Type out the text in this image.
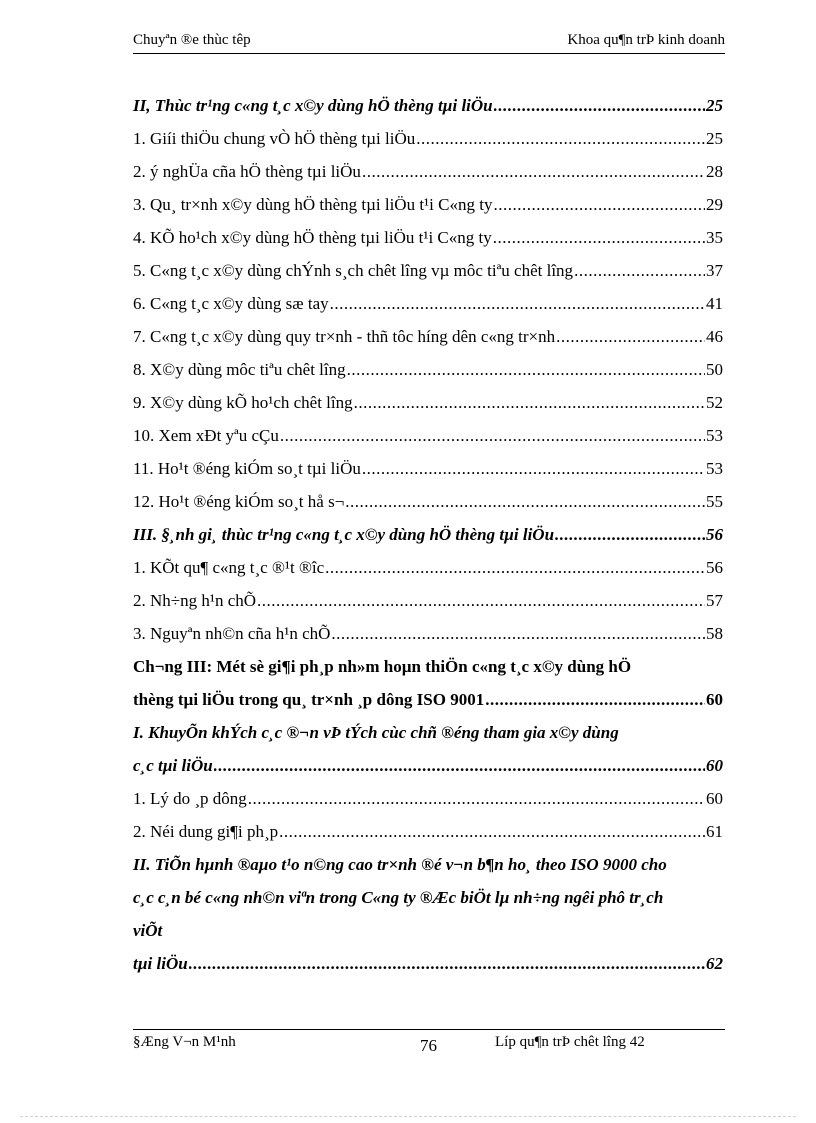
Chuyªn ®e thùc têp	Khoa qu¶n trÞ kinh doanh
II, Thùc tr¹ng c«ng t¸c x©y dùng hÖ thèng tµi liÖu .....	25
1. Giíi thiÖu chung vÒ hÖ thèng tµi liÖu .....	25
2. ý nghÜa cña hÖ thèng tµi liÖu .....	28
3. Qu¸ tr×nh x©y dùng hÖ thèng tµi liÖu t¹i C«ng ty .....	29
4. KÕ ho¹ch x©y dùng hÖ thèng tµi liÖu t¹i C«ng ty .....	35
5. C«ng t¸c x©y dùng chÝnh s¸ch chêt lîng vµ môc tiªu chêt lîng .....	37
6. C«ng t¸c x©y dùng sæ tay .....	41
7. C«ng t¸c x©y dùng quy tr×nh - thñ tôc híng dên c«ng tr×nh .....	46
8. X©y dùng môc tiªu chêt lîng .....	50
9. X©y dùng kÕ ho¹ch chêt lîng .....	52
10. Xem xÐt yªu cÇu .....	53
11. Ho¹t ®éng kiÓm so¸t tµi liÖu .....	53
12. Ho¹t ®éng kiÓm so¸t hå s¬ .....	55
III. §¸nh gi¸ thùc tr¹ng c«ng t¸c x©y dùng hÖ thèng tµi liÖu .....	56
1. KÕt qu¶ c«ng t¸c ®¹t ®îc .....	56
2. Nh÷ng h¹n chÕ .....	57
3. Nguyªn nh©n cña h¹n chÕ .....	58
Ch¬ng III: Mét sè gi¶i ph¸p nh»m hoµn thiÖn c«ng t¸c x©y dùng hÖ
thèng tµi liÖu trong qu¸ tr×nh ¸p dông ISO 9001 .....	60
I. KhuyÕn khÝch c¸c ®¬n vÞ tÝch cùc chñ ®éng tham gia x©y dùng
c¸c tµi liÖu .....	60
1. Lý do ¸p dông .....	60
2. Néi dung gi¶i ph¸p .....	61
II. TiÕn hµnh ®aµo t¹o n©ng cao tr×nh ®é v¬n b¶n ho¸ theo ISO 9000 cho
c¸c c¸n bé c«ng nh©n viªn trong C«ng ty ®Æc biÖt lµ nh÷ng ngêi phô tr¸ch
viÕt
tµi liÖu .....	62
§Æng V¬n M¹nh	76	Líp qu¶n trÞ chêt lîng 42
